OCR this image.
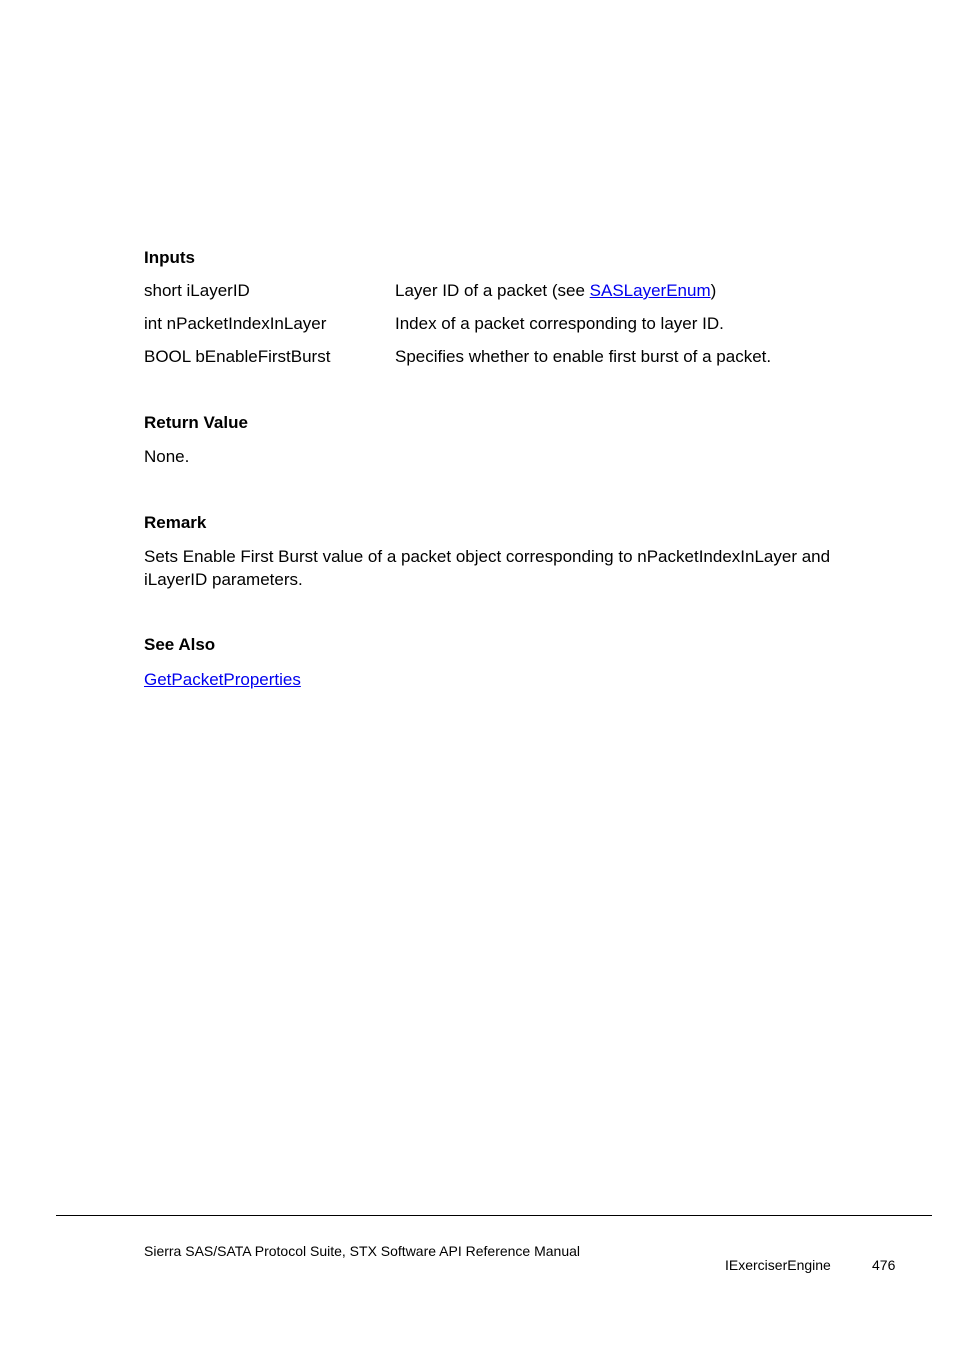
Inputs
short iLayerID	Layer ID of a packet (see SASLayerEnum)
int nPacketIndexInLayer	Index of a packet corresponding to layer ID.
BOOL bEnableFirstBurst	Specifies whether to enable first burst of a packet.
Return Value
None.
Remark
Sets Enable First Burst value of a packet object corresponding to nPacketIndexInLayer and
iLayerID parameters.
See Also
GetPacketProperties
Sierra SAS/SATA Protocol Suite, STX Software API Reference Manual
IExerciserEngine	476
